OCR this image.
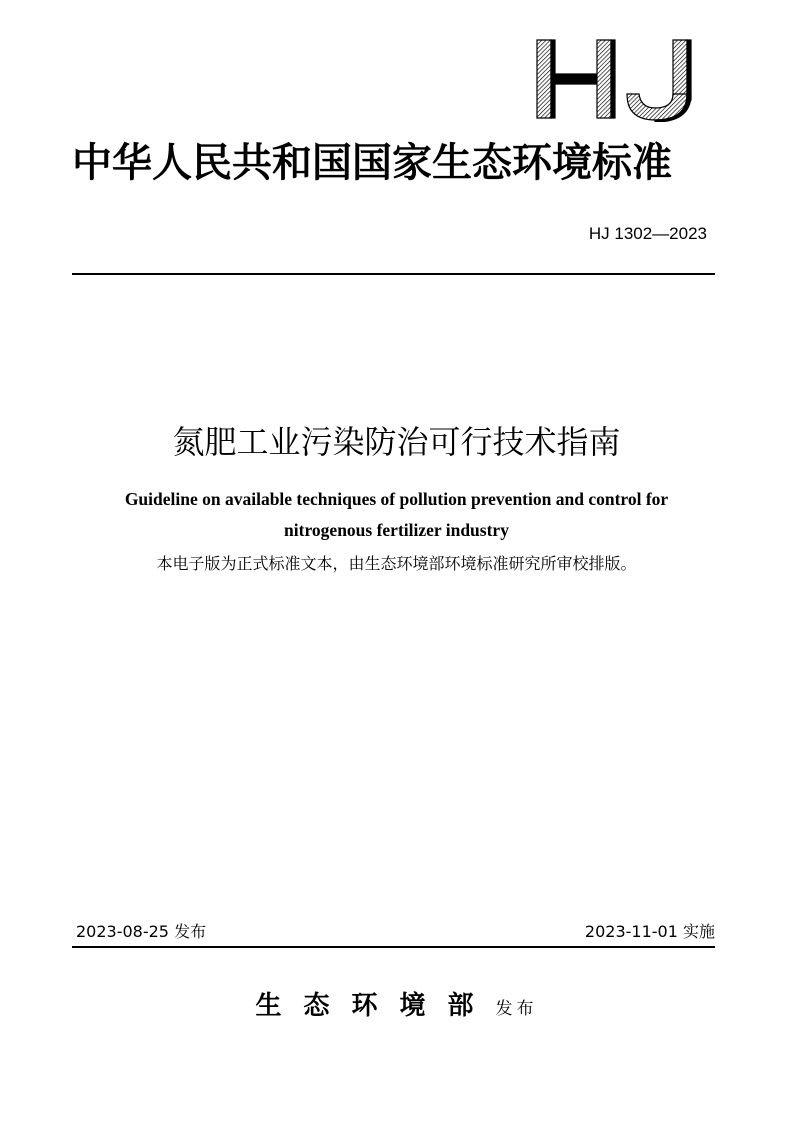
中华人民共和国国家生态环境标准
HJ 1302—2023
氮肥工业污染防治可行技术指南
Guideline on available techniques of pollution prevention and control for
nitrogenous fertilizer industry
本电子版为正式标准文本，由生态环境部环境标准研究所审校排版。
2023-08-25 发布	2023-11-01 实施
生态环境部发布
